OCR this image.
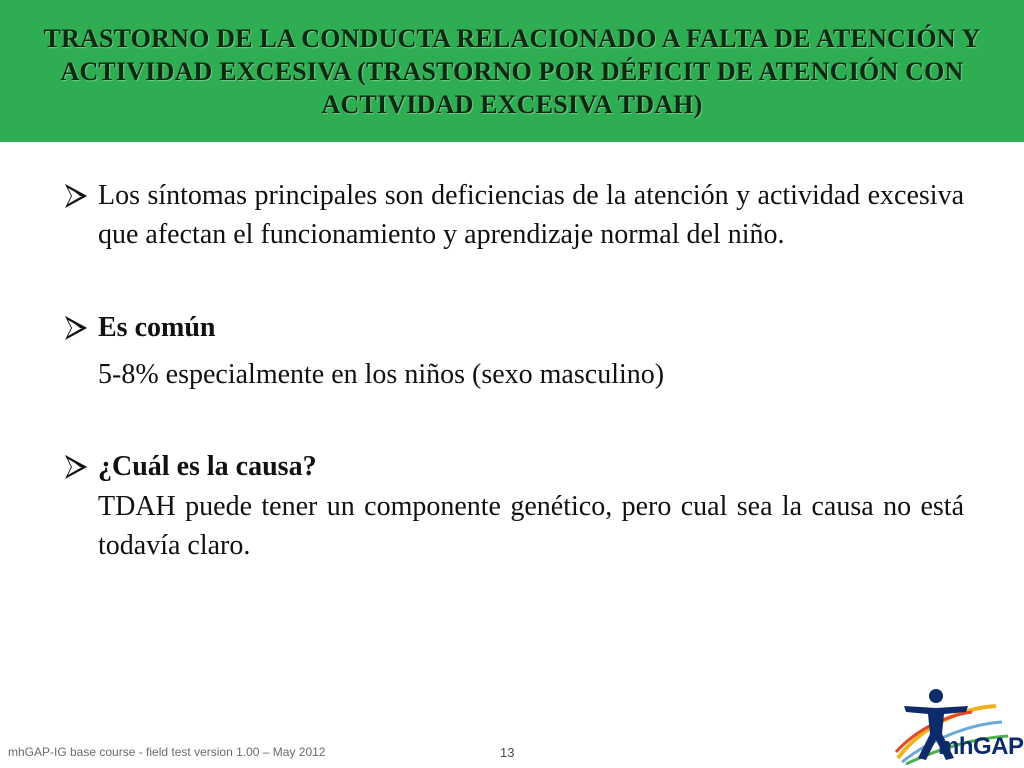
TRASTORNO DE LA CONDUCTA RELACIONADO A FALTA DE ATENCIÓN Y ACTIVIDAD EXCESIVA (TRASTORNO POR DÉFICIT DE ATENCIÓN CON ACTIVIDAD EXCESIVA TDAH)

Los síntomas principales son deficiencias de la atención y actividad excesiva que afectan el funcionamiento y aprendizaje normal del niño.

Es común

5-8% especialmente en los niños (sexo masculino)

¿Cuál es la causa?

TDAH puede tener un componente genético, pero cual sea la causa no está todavía claro.

mhGAP-IG base course - field test version 1.00 – May 2012	13	mhGAP
